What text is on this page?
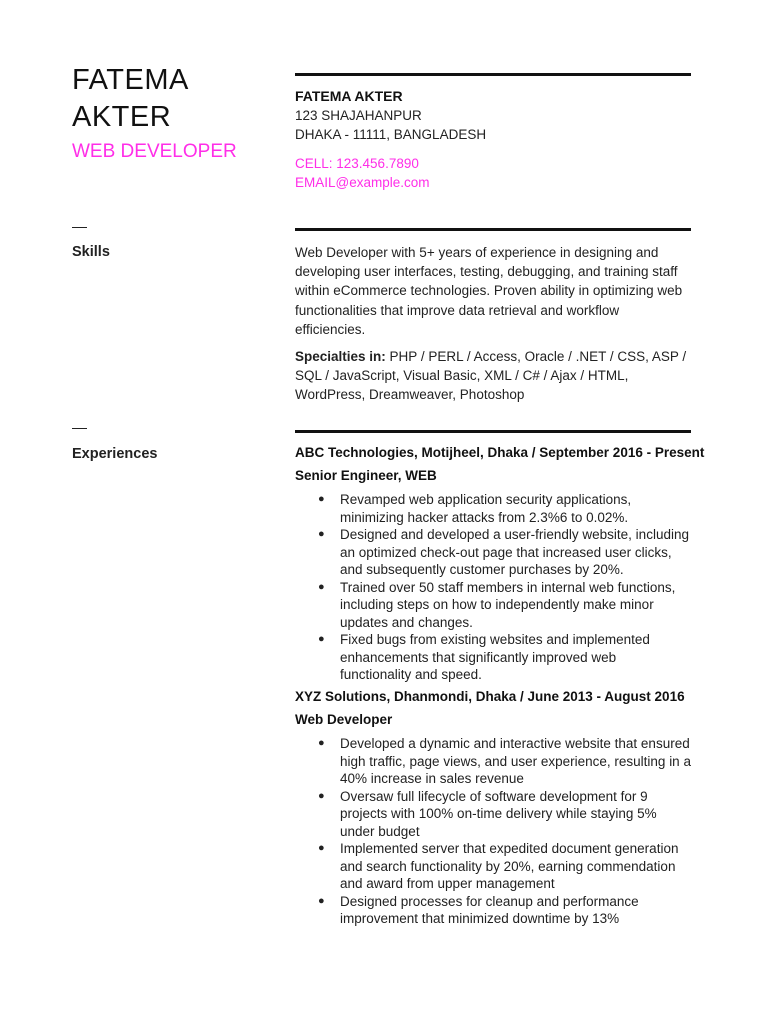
FATEMA
AKTER
WEB DEVELOPER
Skills
Experiences
FATEMA AKTER
123 SHAJAHANPUR
DHAKA - 11111, BANGLADESH
CELL: 123.456.7890
EMAIL@example.com

Web Developer with 5+ years of experience in designing and developing user interfaces, testing, debugging, and training staff within eCommerce technologies. Proven ability in optimizing web functionalities that improve data retrieval and workflow efficiencies.

Specialties in: PHP / PERL / Access, Oracle / .NET / CSS, ASP / SQL / JavaScript, Visual Basic, XML / C# / Ajax / HTML, WordPress, Dreamweaver, Photoshop

ABC Technologies, Motijheel, Dhaka / September 2016 - Present
Senior Engineer, WEB
● Revamped web application security applications, minimizing hacker attacks from 2.3%6 to 0.02%.
● Designed and developed a user-friendly website, including an optimized check-out page that increased user clicks, and subsequently customer purchases by 20%.
● Trained over 50 staff members in internal web functions, including steps on how to independently make minor updates and changes.
● Fixed bugs from existing websites and implemented enhancements that significantly improved web functionality and speed.
XYZ Solutions, Dhanmondi, Dhaka / June 2013 - August 2016
Web Developer
● Developed a dynamic and interactive website that ensured high traffic, page views, and user experience, resulting in a 40% increase in sales revenue
● Oversaw full lifecycle of software development for 9 projects with 100% on-time delivery while staying 5% under budget
● Implemented server that expedited document generation and search functionality by 20%, earning commendation and award from upper management
● Designed processes for cleanup and performance improvement that minimized downtime by 13%
